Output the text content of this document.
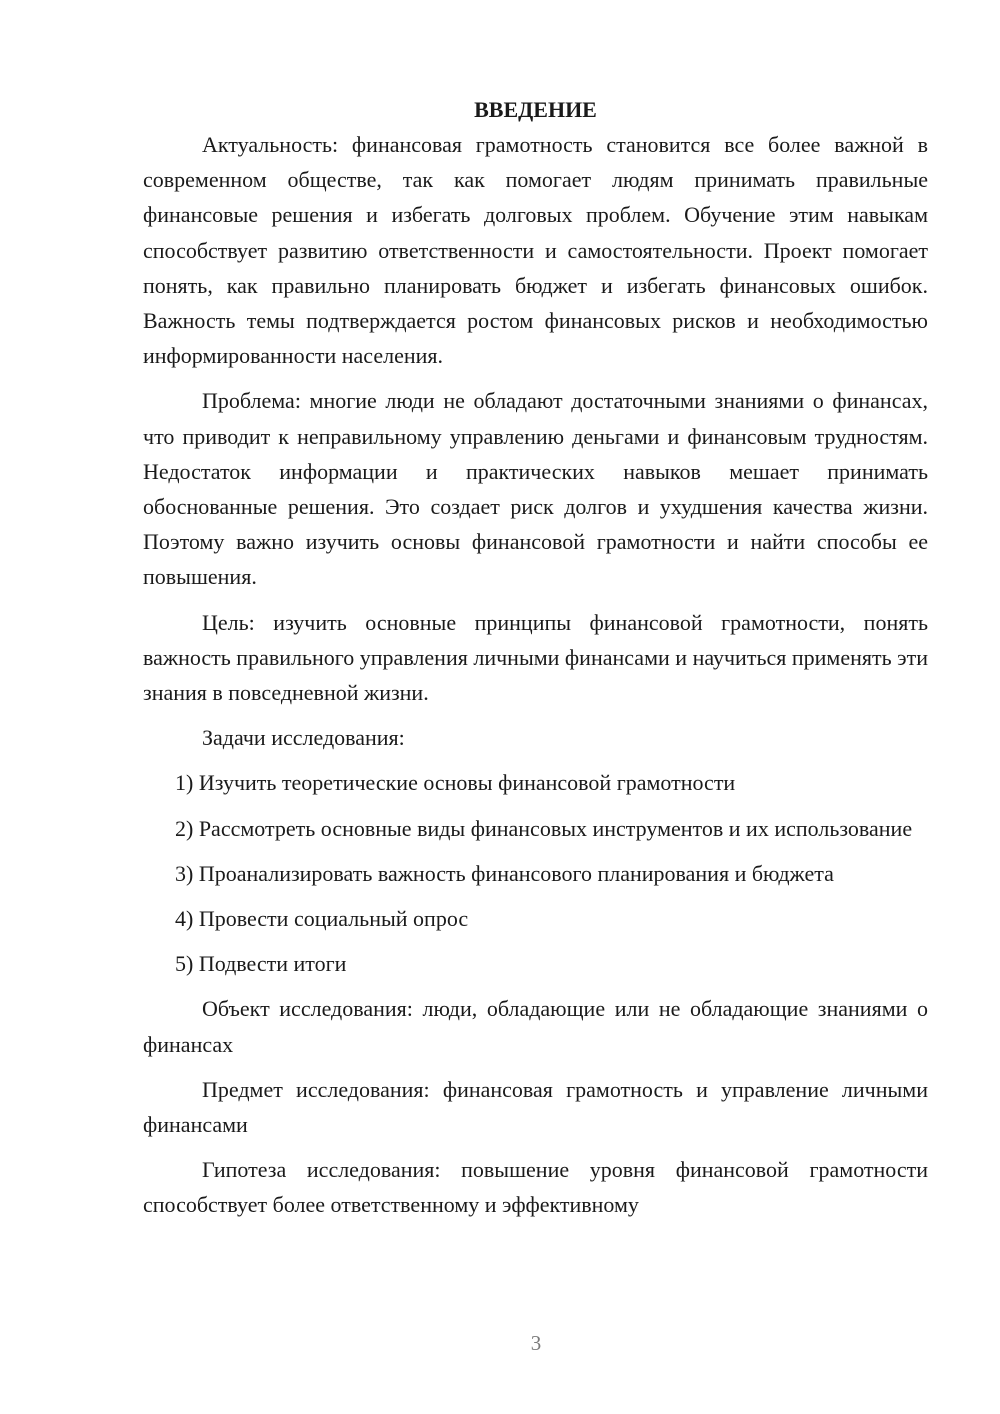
ВВЕДЕНИЕ
Актуальность: финансовая грамотность становится все более важной в современном обществе, так как помогает людям принимать правильные финансовые решения и избегать долговых проблем. Обучение этим навыкам способствует развитию ответственности и самостоятельности. Проект помогает понять, как правильно планировать бюджет и избегать финансовых ошибок. Важность темы подтверждается ростом финансовых рисков и необходимостью информированности населения.
Проблема: многие люди не обладают достаточными знаниями о финансах, что приводит к неправильному управлению деньгами и финансовым трудностям. Недостаток информации и практических навыков мешает принимать обоснованные решения. Это создает риск долгов и ухудшения качества жизни. Поэтому важно изучить основы финансовой грамотности и найти способы ее повышения.
Цель: изучить основные принципы финансовой грамотности, понять важность правильного управления личными финансами и научиться применять эти знания в повседневной жизни.
Задачи исследования:
1) Изучить теоретические основы финансовой грамотности
2) Рассмотреть основные виды финансовых инструментов и их использование
3) Проанализировать важность финансового планирования и бюджета
4) Провести социальный опрос
5) Подвести итоги
Объект исследования: люди, обладающие или не обладающие знаниями о финансах
Предмет исследования: финансовая грамотность и управление личными финансами
Гипотеза исследования: повышение уровня финансовой грамотности способствует более ответственному и эффективному
3
